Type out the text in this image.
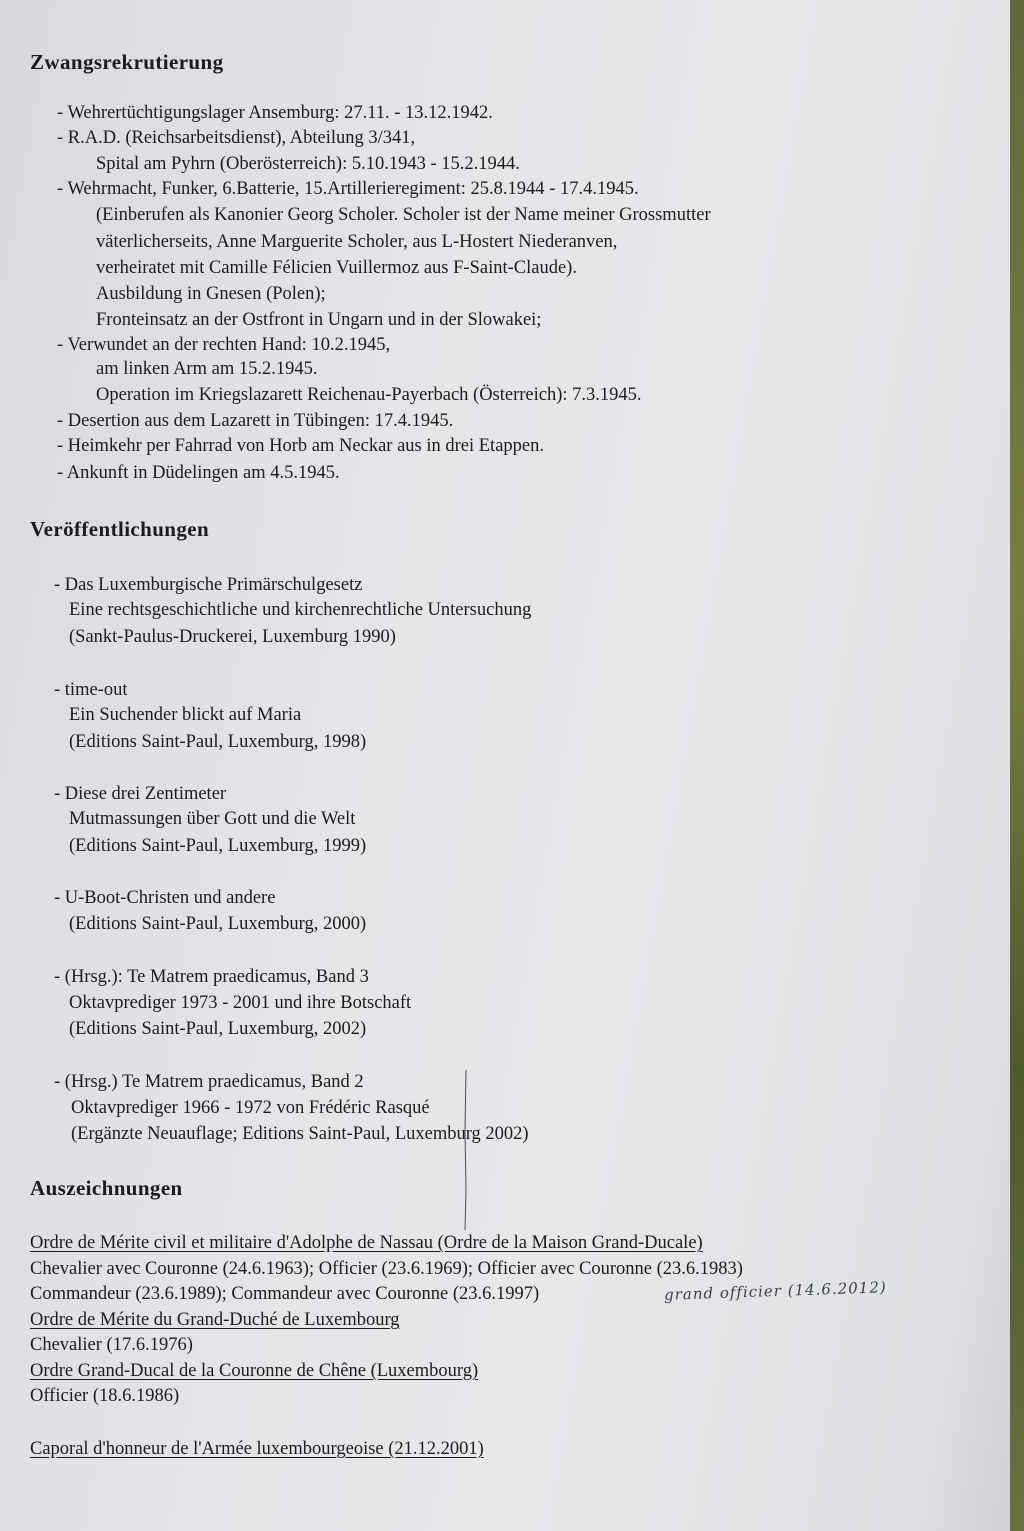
Zwangsrekrutierung
- Wehrertüchtigungslager Ansemburg: 27.11. - 13.12.1942.
- R.A.D. (Reichsarbeitsdienst), Abteilung 3/341,
Spital am Pyhrn (Oberösterreich): 5.10.1943 - 15.2.1944.
- Wehrmacht, Funker, 6.Batterie, 15.Artillerieregiment: 25.8.1944 - 17.4.1945.
(Einberufen als Kanonier Georg Scholer. Scholer ist der Name meiner Grossmutter
väterlicherseits, Anne Marguerite Scholer, aus L-Hostert Niederanven,
verheiratet mit Camille Félicien Vuillermoz aus F-Saint-Claude).
Ausbildung in Gnesen (Polen);
Fronteinsatz an der Ostfront in Ungarn und in der Slowakei;
- Verwundet an der rechten Hand: 10.2.1945,
am linken Arm am 15.2.1945.
Operation im Kriegslazarett Reichenau-Payerbach (Österreich): 7.3.1945.
- Desertion aus dem Lazarett in Tübingen: 17.4.1945.
- Heimkehr per Fahrrad von Horb am Neckar aus in drei Etappen.
- Ankunft in Düdelingen am 4.5.1945.
Veröffentlichungen
- Das Luxemburgische Primärschulgesetz
Eine rechtsgeschichtliche und kirchenrechtliche Untersuchung
(Sankt-Paulus-Druckerei, Luxemburg 1990)
- time-out
Ein Suchender blickt auf Maria
(Editions Saint-Paul, Luxemburg, 1998)
- Diese drei Zentimeter
Mutmassungen über Gott und die Welt
(Editions Saint-Paul, Luxemburg, 1999)
- U-Boot-Christen und andere
(Editions Saint-Paul, Luxemburg, 2000)
- (Hrsg.): Te Matrem praedicamus, Band 3
Oktavprediger 1973 - 2001 und ihre Botschaft
(Editions Saint-Paul, Luxemburg, 2002)
- (Hrsg.) Te Matrem praedicamus, Band 2
Oktavprediger 1966 - 1972 von Frédéric Rasqué
(Ergänzte Neuauflage; Editions Saint-Paul, Luxemburg 2002)
Auszeichnungen
Ordre de Mérite civil et militaire d'Adolphe de Nassau (Ordre de la Maison Grand-Ducale)
Chevalier avec Couronne (24.6.1963); Officier (23.6.1969); Officier avec Couronne (23.6.1983)
Commandeur (23.6.1989); Commandeur avec Couronne (23.6.1997)	grand officier (14.6.2012)
Ordre de Mérite du Grand-Duché de Luxembourg
Chevalier (17.6.1976)
Ordre Grand-Ducal de la Couronne de Chêne (Luxembourg)
Officier (18.6.1986)
Caporal d'honneur de l'Armée luxembourgeoise (21.12.2001)
